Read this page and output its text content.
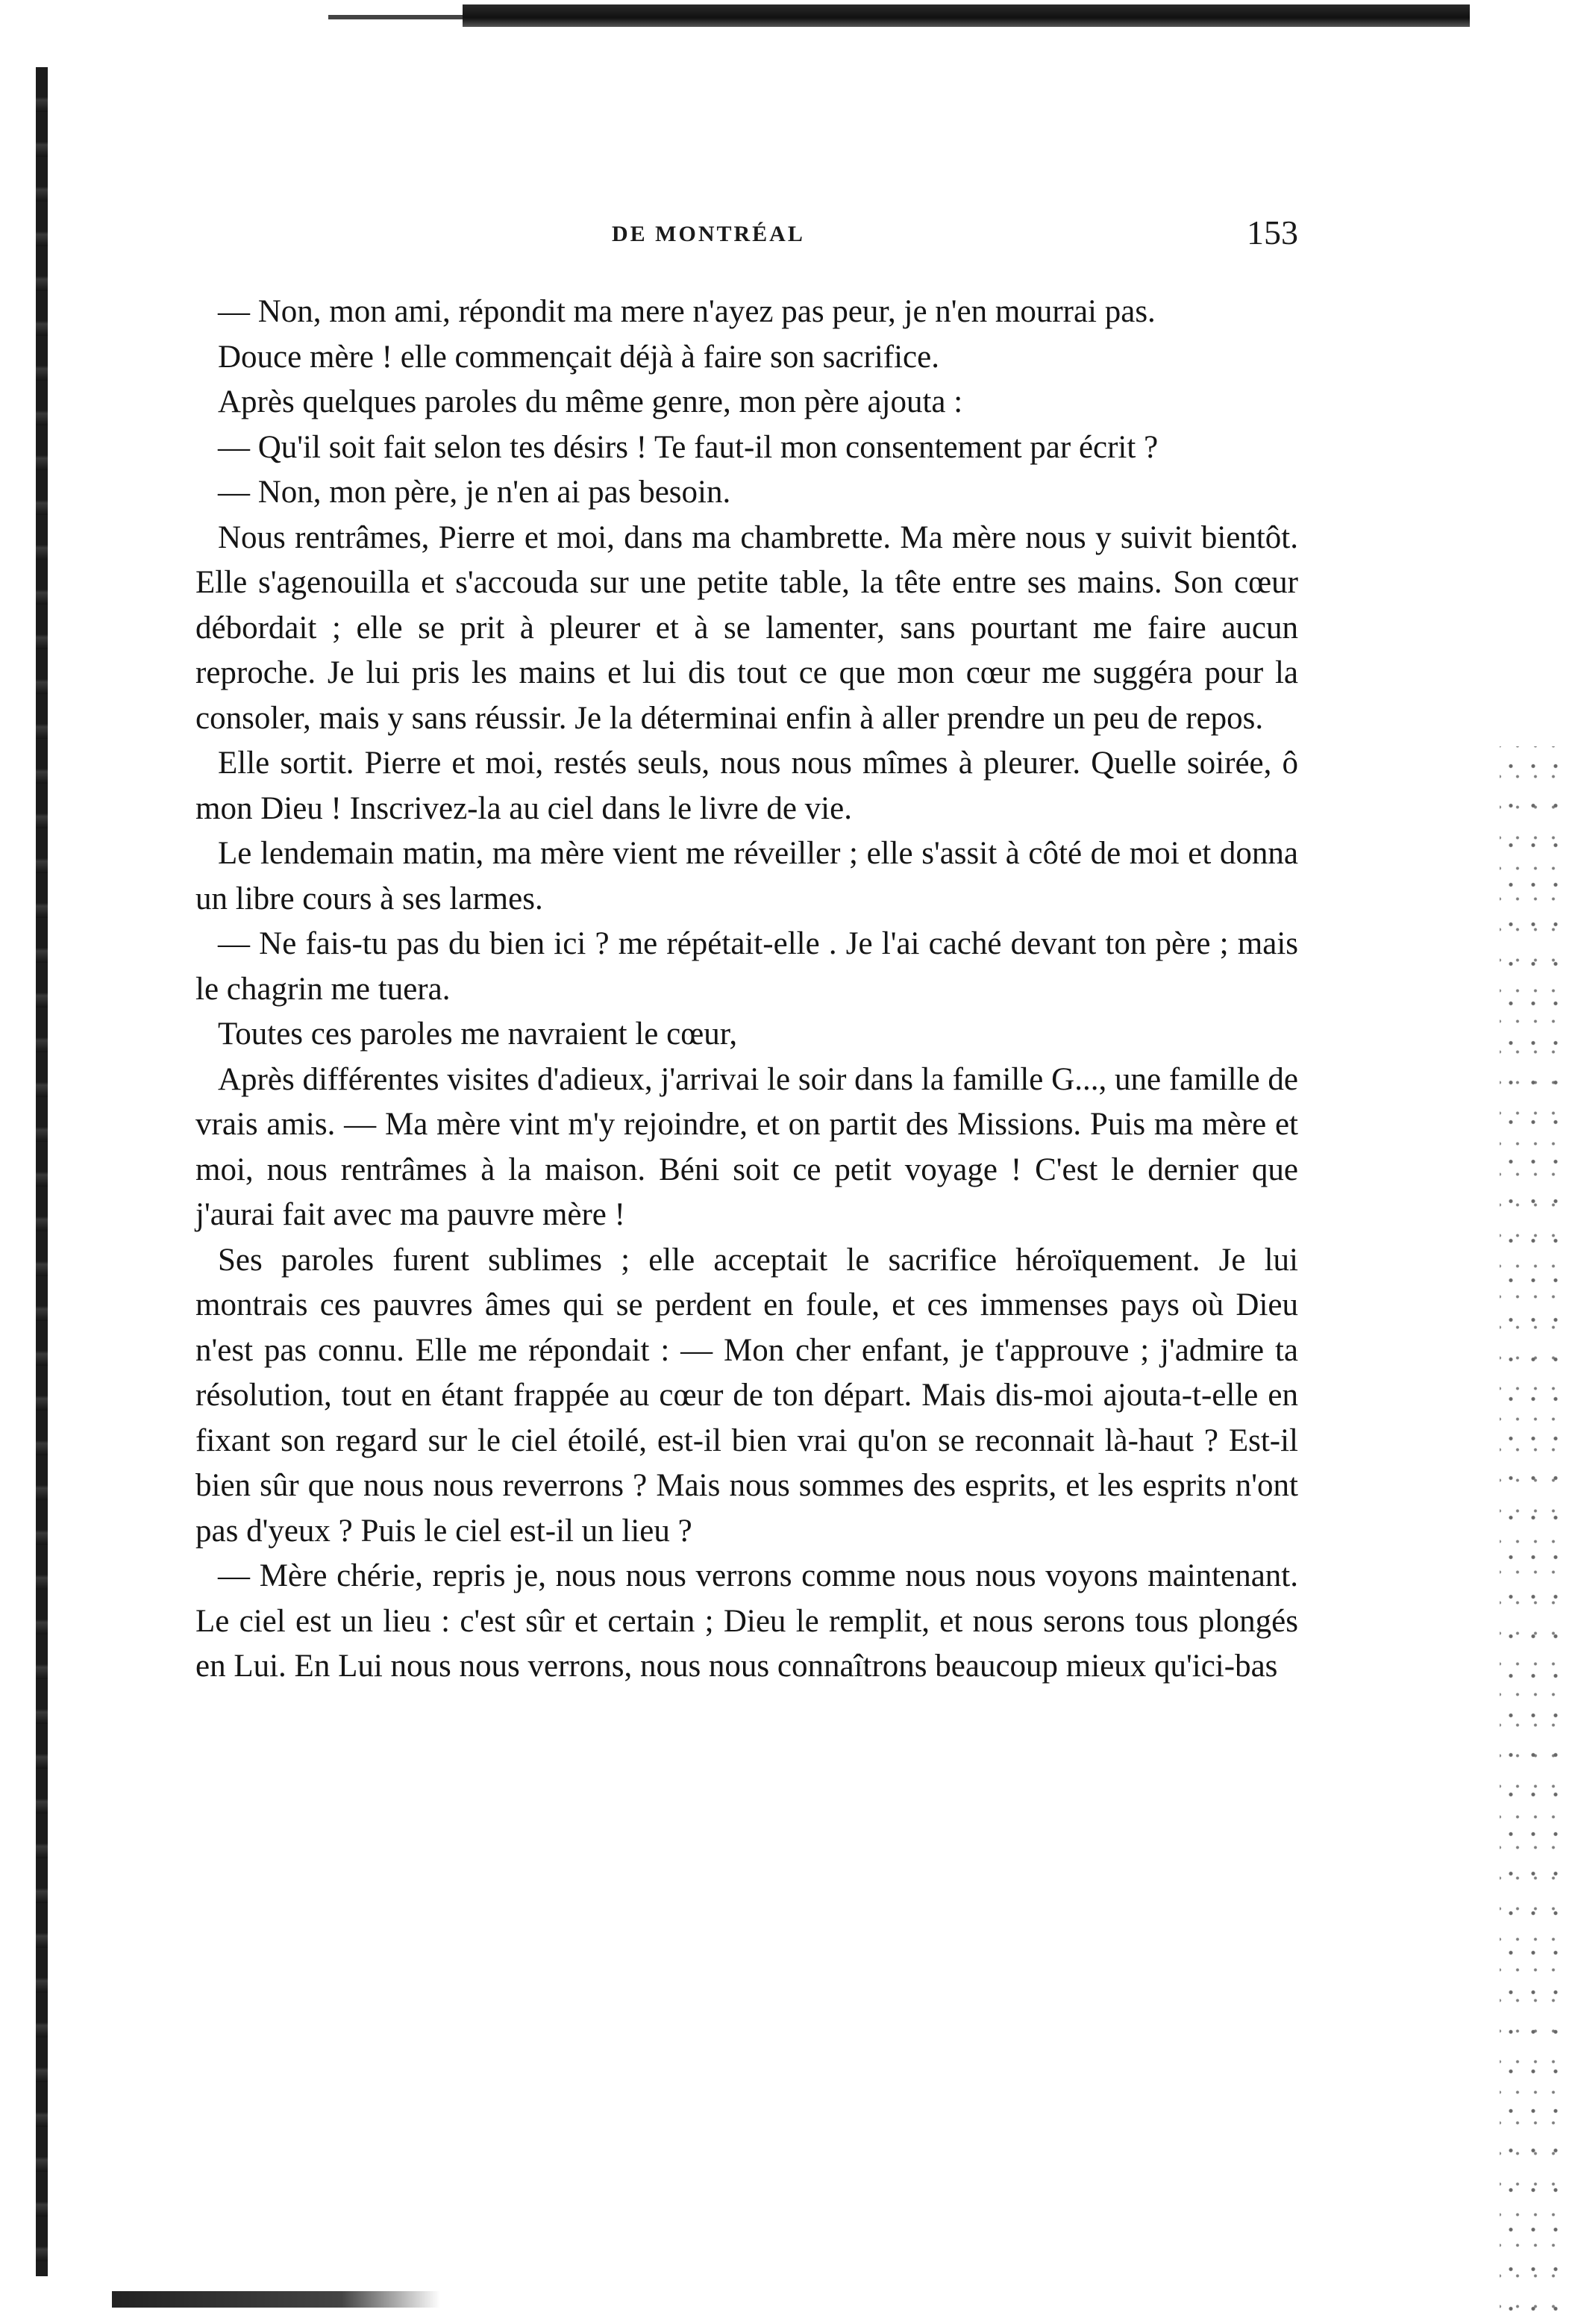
DE MONTRÉAL	153

— Non, mon ami, répondit ma mere n'ayez pas peur, je n'en mourrai pas.

Douce mère ! elle commençait déjà à faire son sacrifice.

Après quelques paroles du même genre, mon père ajouta :

— Qu'il soit fait selon tes désirs ! Te faut-il mon consentement par écrit ?

— Non, mon père, je n'en ai pas besoin.

Nous rentrâmes, Pierre et moi, dans ma chambrette. Ma mère nous y suivit bientôt. Elle s'agenouilla et s'accouda sur une petite table, la tête entre ses mains. Son cœur débordait ; elle se prit à pleurer et à se lamenter, sans pourtant me faire aucun reproche. Je lui pris les mains et lui dis tout ce que mon cœur me suggéra pour la consoler, mais y sans réussir. Je la déterminai enfin à aller prendre un peu de repos.

Elle sortit. Pierre et moi, restés seuls, nous nous mîmes à pleurer. Quelle soirée, ô mon Dieu ! Inscrivez-la au ciel dans le livre de vie.

Le lendemain matin, ma mère vient me réveiller ; elle s'assit à côté de moi et donna un libre cours à ses larmes.

— Ne fais-tu pas du bien ici ? me répétait-elle . Je l'ai caché devant ton père ; mais le chagrin me tuera.

Toutes ces paroles me navraient le cœur,

Après différentes visites d'adieux, j'arrivai le soir dans la famille G..., une famille de vrais amis. — Ma mère vint m'y rejoindre, et on partit des Missions. Puis ma mère et moi, nous rentrâmes à la maison. Béni soit ce petit voyage ! C'est le dernier que j'aurai fait avec ma pauvre mère !

Ses paroles furent sublimes ; elle acceptait le sacrifice héroïquement. Je lui montrais ces pauvres âmes qui se perdent en foule, et ces immenses pays où Dieu n'est pas connu. Elle me répondait : — Mon cher enfant, je t'approuve ; j'admire ta résolution, tout en étant frappée au cœur de ton départ. Mais dis-moi ajouta-t-elle en fixant son regard sur le ciel étoilé, est-il bien vrai qu'on se reconnait là-haut ? Est-il bien sûr que nous nous reverrons ? Mais nous sommes des esprits, et les esprits n'ont pas d'yeux ? Puis le ciel est-il un lieu ?

— Mère chérie, repris je, nous nous verrons comme nous nous voyons maintenant. Le ciel est un lieu : c'est sûr et certain ; Dieu le remplit, et nous serons tous plongés en Lui. En Lui nous nous verrons, nous nous connaîtrons beaucoup mieux qu'ici-bas
